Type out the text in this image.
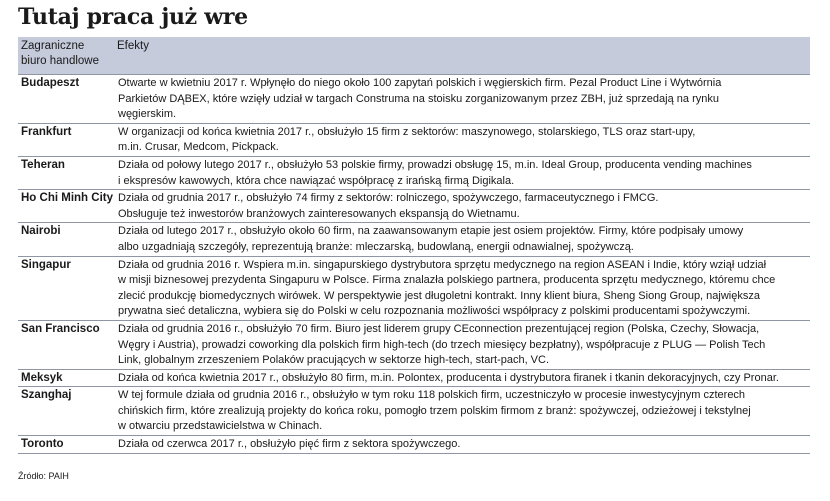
Tutaj praca już wre
Zagraniczne biuro handlowe	Efekty
Budapeszt	Otwarte w kwietniu 2017 r. Wpłynęło do niego około 100 zapytań polskich i węgierskich firm. Pezal Product Line i Wytwórnia
Parkietów DĄBEX, które wzięły udział w targach Construma na stoisku zorganizowanym przez ZBH, już sprzedają na rynku
węgierskim.

Frankfurt	W organizacji od końca kwietnia 2017 r., obsłużyło 15 firm z sektorów: maszynowego, stolarskiego, TLS oraz start-upy,
m.in. Crusar, Medcom, Pickpack.

Teheran	Działa od połowy lutego 2017 r., obsłużyło 53 polskie firmy, prowadzi obsługę 15, m.in. Ideal Group, producenta vending machines
i ekspresów kawowych, która chce nawiązać współpracę z irańską firmą Digikala.

Ho Chi Minh City	Działa od grudnia 2017 r., obsłużyło 74 firmy z sektorów: rolniczego, spożywczego, farmaceutycznego i FMCG.
Obsługuje też inwestorów branżowych zainteresowanych ekspansją do Wietnamu.

Nairobi	Działa od lutego 2017 r., obsłużyło około 60 firm, na zaawansowanym etapie jest osiem projektów. Firmy, które podpisały umowy
albo uzgadniają szczegóły, reprezentują branże: mleczarską, budowlaną, energii odnawialnej, spożywczą.

Singapur	Działa od grudnia 2016 r. Wspiera m.in. singapurskiego dystrybutora sprzętu medycznego na region ASEAN i Indie, który wziął udział
w misji biznesowej prezydenta Singapuru w Polsce. Firma znalazła polskiego partnera, producenta sprzętu medycznego, któremu chce
zlecić produkcję biomedycznych wirówek. W perspektywie jest długoletni kontrakt. Inny klient biura, Sheng Siong Group, największa
prywatna sieć detaliczna, wybiera się do Polski w celu rozpoznania możliwości współpracy z polskimi producentami spożywczymi.

San Francisco	Działa od grudnia 2016 r., obsłużyło 70 firm. Biuro jest liderem grupy CEconnection prezentującej region (Polska, Czechy, Słowacja,
Węgry i Austria), prowadzi coworking dla polskich firm high-tech (do trzech miesięcy bezpłatny), współpracuje z PLUG — Polish Tech
Link, globalnym zrzeszeniem Polaków pracujących w sektorze high-tech, start-pach, VC.

Meksyk	Działa od końca kwietnia 2017 r., obsłużyło 80 firm, m.in. Polontex, producenta i dystrybutora firanek i tkanin dekoracyjnych, czy Pronar.

Szanghaj	W tej formule działa od grudnia 2016 r., obsłużyło w tym roku 118 polskich firm, uczestniczyło w procesie inwestycyjnym czterech
chińskich firm, które zrealizują projekty do końca roku, pomogło trzem polskim firmom z branż: spożywczej, odzieżowej i tekstylnej
w otwarciu przedstawicielstwa w Chinach.

Toronto	Działa od czerwca 2017 r., obsłużyło pięć firm z sektora spożywczego.
Źródło: PAIH
